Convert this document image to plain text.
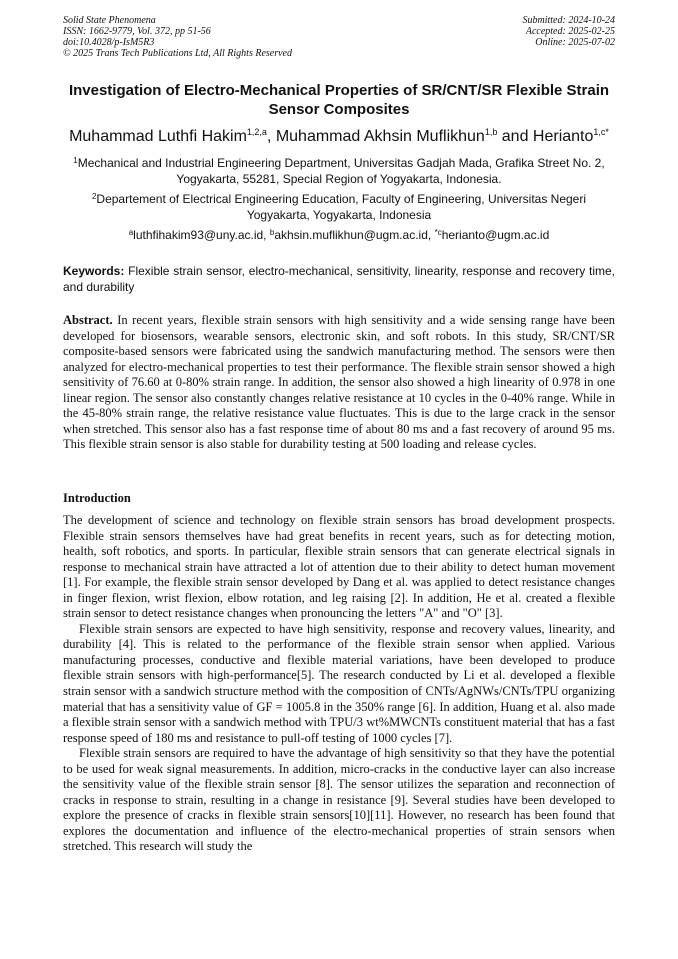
Solid State Phenomena
ISSN: 1662-9779, Vol. 372, pp 51-56
doi:10.4028/p-IsM5R3
© 2025 Trans Tech Publications Ltd, All Rights Reserved
Submitted: 2024-10-24
Accepted: 2025-02-25
Online: 2025-07-02
Investigation of Electro-Mechanical Properties of SR/CNT/SR Flexible Strain Sensor Composites
Muhammad Luthfi Hakim$^{1,2,a}$, Muhammad Akhsin Muflikhun$^{1,b}$ and Herianto$^{1,c*}$
$^1$Mechanical and Industrial Engineering Department, Universitas Gadjah Mada, Grafika Street No. 2, Yogyakarta, 55281, Special Region of Yogyakarta, Indonesia.
$^2$Departement of Electrical Engineering Education, Faculty of Engineering, Universitas Negeri Yogyakarta, Yogyakarta, Indonesia
$^a$luthfihakim93@uny.ac.id, $^b$akhsin.muflikhun@ugm.ac.id, $^{*c}$herianto@ugm.ac.id
Keywords: Flexible strain sensor, electro-mechanical, sensitivity, linearity, response and recovery time, and durability
Abstract. In recent years, flexible strain sensors with high sensitivity and a wide sensing range have been developed for biosensors, wearable sensors, electronic skin, and soft robots. In this study, SR/CNT/SR composite-based sensors were fabricated using the sandwich manufacturing method. The sensors were then analyzed for electro-mechanical properties to test their performance. The flexible strain sensor showed a high sensitivity of 76.60 at 0-80% strain range. In addition, the sensor also showed a high linearity of 0.978 in one linear region. The sensor also constantly changes relative resistance at 10 cycles in the 0-40% range. While in the 45-80% strain range, the relative resistance value fluctuates. This is due to the large crack in the sensor when stretched. This sensor also has a fast response time of about 80 ms and a fast recovery of around 95 ms. This flexible strain sensor is also stable for durability testing at 500 loading and release cycles.
Introduction

The development of science and technology on flexible strain sensors has broad development prospects. Flexible strain sensors themselves have had great benefits in recent years, such as for detecting motion, health, soft robotics, and sports. In particular, flexible strain sensors that can generate electrical signals in response to mechanical strain have attracted a lot of attention due to their ability to detect human movement [1]. For example, the flexible strain sensor developed by Dang et al. was applied to detect resistance changes in finger flexion, wrist flexion, elbow rotation, and leg raising [2]. In addition, He et al. created a flexible strain sensor to detect resistance changes when pronouncing the letters "A" and "O" [3].

Flexible strain sensors are expected to have high sensitivity, response and recovery values, linearity, and durability [4]. This is related to the performance of the flexible strain sensor when applied. Various manufacturing processes, conductive and flexible material variations, have been developed to produce flexible strain sensors with high-performance[5]. The research conducted by Li et al. developed a flexible strain sensor with a sandwich structure method with the composition of CNTs/AgNWs/CNTs/TPU organizing material that has a sensitivity value of GF = 1005.8 in the 350% range [6]. In addition, Huang et al. also made a flexible strain sensor with a sandwich method with TPU/3 wt%MWCNTs constituent material that has a fast response speed of 180 ms and resistance to pull-off testing of 1000 cycles [7].

Flexible strain sensors are required to have the advantage of high sensitivity so that they have the potential to be used for weak signal measurements. In addition, micro-cracks in the conductive layer can also increase the sensitivity value of the flexible strain sensor [8]. The sensor utilizes the separation and reconnection of cracks in response to strain, resulting in a change in resistance [9]. Several studies have been developed to explore the presence of cracks in flexible strain sensors[10][11]. However, no research has been found that explores the documentation and influence of the electro-mechanical properties of strain sensors when stretched. This research will study the
